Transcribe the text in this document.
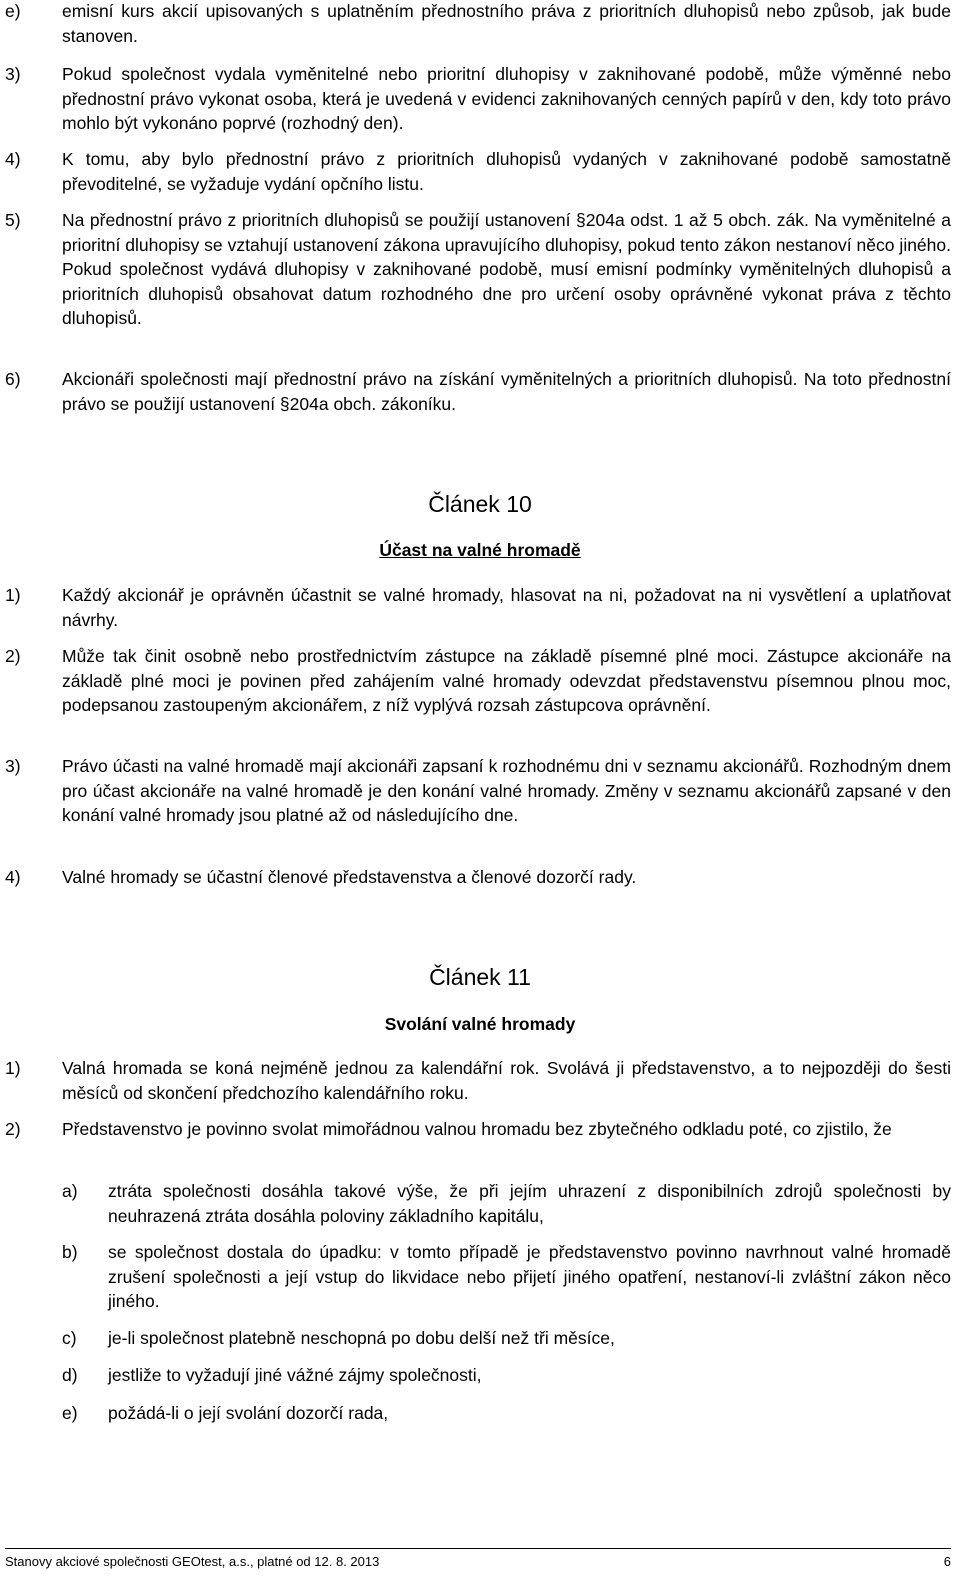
e) emisní kurs akcií upisovaných s uplatněním přednostního práva z prioritních dluhopisů nebo způsob, jak bude stanoven.
3) Pokud společnost vydala vyměnitelné nebo prioritní dluhopisy v zaknihované podobě, může výměnné nebo přednostní právo vykonat osoba, která je uvedená v evidenci zaknihovaných cenných papírů v den, kdy toto právo mohlo být vykonáno poprvé (rozhodný den).
4) K tomu, aby bylo přednostní právo z prioritních dluhopisů vydaných v zaknihované podobě samostatně převoditelné, se vyžaduje vydání opčního listu.
5) Na přednostní právo z prioritních dluhopisů se použijí ustanovení §204a odst. 1 až 5 obch. zák. Na vyměnitelné a prioritní dluhopisy se vztahují ustanovení zákona upravujícího dluhopisy, pokud tento zákon nestanoví něco jiného. Pokud společnost vydává dluhopisy v zaknihované podobě, musí emisní podmínky vyměnitelných dluhopisů a prioritních dluhopisů obsahovat datum rozhodného dne pro určení osoby oprávněné vykonat práva z těchto dluhopisů.
6) Akcionáři společnosti mají přednostní právo na získání vyměnitelných a prioritních dluhopisů. Na toto přednostní právo se použijí ustanovení §204a obch. zákoníku.
Článek 10
Účast na valné hromadě
1) Každý akcionář je oprávněn účastnit se valné hromady, hlasovat na ni, požadovat na ni vysvětlení a uplatňovat návrhy.
2) Může tak činit osobně nebo prostřednictvím zástupce na základě písemné plné moci. Zástupce akcionáře na základě plné moci je povinen před zahájením valné hromady odevzdat představenstvu písemnou plnou moc, podepsanou zastoupeným akcionářem, z níž vyplývá rozsah zástupcova oprávnění.
3) Právo účasti na valné hromadě mají akcionáři zapsaní k rozhodnému dni v seznamu akcionářů. Rozhodným dnem pro účast akcionáře na valné hromadě je den konání valné hromady. Změny v seznamu akcionářů zapsané v den konání valné hromady jsou platné až od následujícího dne.
4) Valné hromady se účastní členové představenstva a členové dozorčí rady.
Článek 11
Svolání valné hromady
1) Valná hromada se koná nejméně jednou za kalendářní rok. Svolává ji představenstvo, a to nejpozději do šesti měsíců od skončení předchozího kalendářního roku.
2) Představenstvo je povinno svolat mimořádnou valnou hromadu bez zbytečného odkladu poté, co zjistilo, že
a) ztráta společnosti dosáhla takové výše, že při jejím uhrazení z disponibilních zdrojů společnosti by neuhrazená ztráta dosáhla poloviny základního kapitálu,
b) se společnost dostala do úpadku: v tomto případě je představenstvo povinno navrhnout valné hromadě zrušení společnosti a její vstup do likvidace nebo přijetí jiného opatření, nestanoví-li zvláštní zákon něco jiného.
c) je-li společnost platebně neschopná po dobu delší než tři měsíce,
d) jestliže to vyžadují jiné vážné zájmy společnosti,
e) požádá-li o její svolání dozorčí rada,
Stanovy akciové společnosti GEOtest, a.s., platné od 12. 8. 2013	6
